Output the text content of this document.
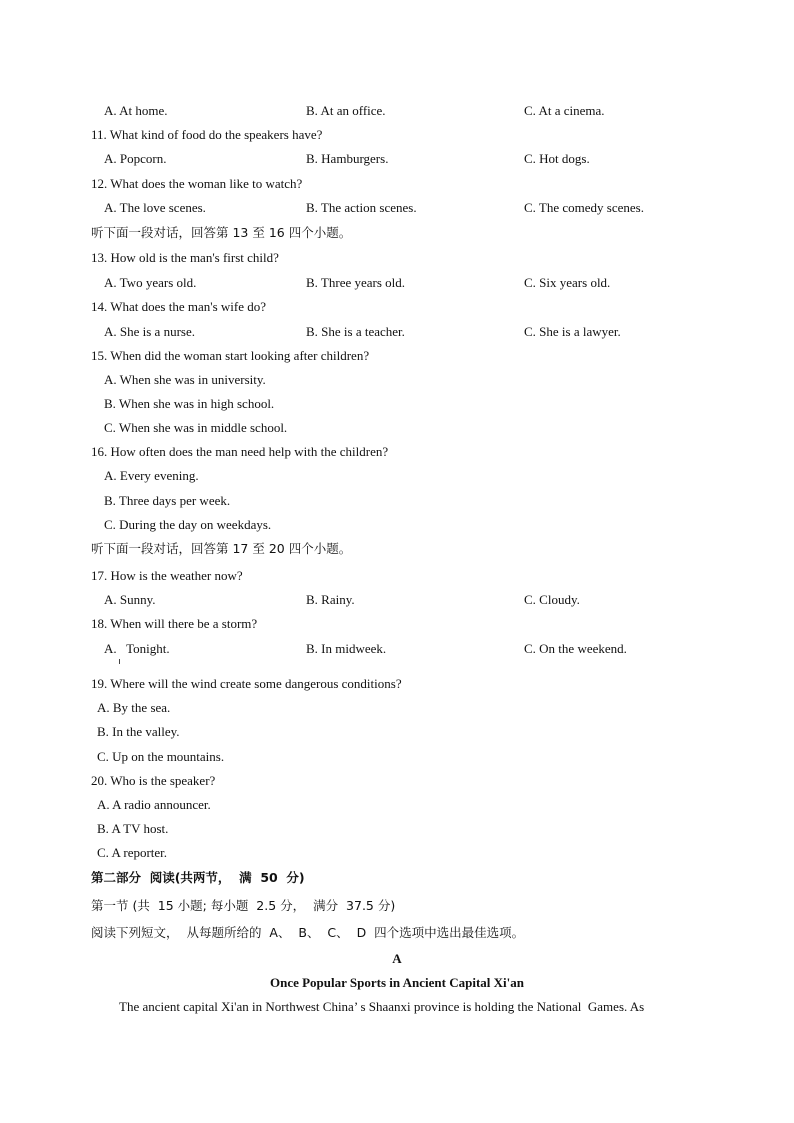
A. At home.	B. At an office.	C. At a cinema.
11. What kind of food do the speakers have?
A. Popcorn.	B. Hamburgers.	C. Hot dogs.
12. What does the woman like to watch?
A. The love scenes.	B. The action scenes.	C. The comedy scenes.
听下面一段对话，回答第 13 至 16 四个小题。
13. How old is the man's first child?
A. Two years old.	B. Three years old.	C. Six years old.
14. What does the man's wife do?
A. She is a nurse.	B. She is a teacher.	C. She is a lawyer.
15. When did the woman start looking after children?
A. When she was in university.
B. When she was in high school.
C. When she was in middle school.
16. How often does the man need help with the children?
A. Every evening.
B. Three days per week.
C. During the day on weekdays.
听下面一段对话，回答第 17 至 20 四个小题。
17. How is the weather now?
A. Sunny.	B. Rainy.	C. Cloudy.
18. When will there be a storm?
A.   Tonight.	B. In midweek.	C. On the weekend.
19. Where will the wind create some dangerous conditions?
A. By the sea.
B. In the valley.
C. Up on the mountains.
20. Who is the speaker?
A. A radio announcer.
B. A TV host.
C. A reporter.
第二部分  阅读(共两节，  满  50  分)
第一节 (共  15 小题; 每小题  2.5 分，  满分  37.5 分)
阅读下列短文，  从每题所给的  A、  B、  C、  D  四个选项中选出最佳选项。
A
Once Popular Sports in Ancient Capital Xi'an
The ancient capital Xi'an in Northwest China’ s Shaanxi province is holding the National  Games. As
